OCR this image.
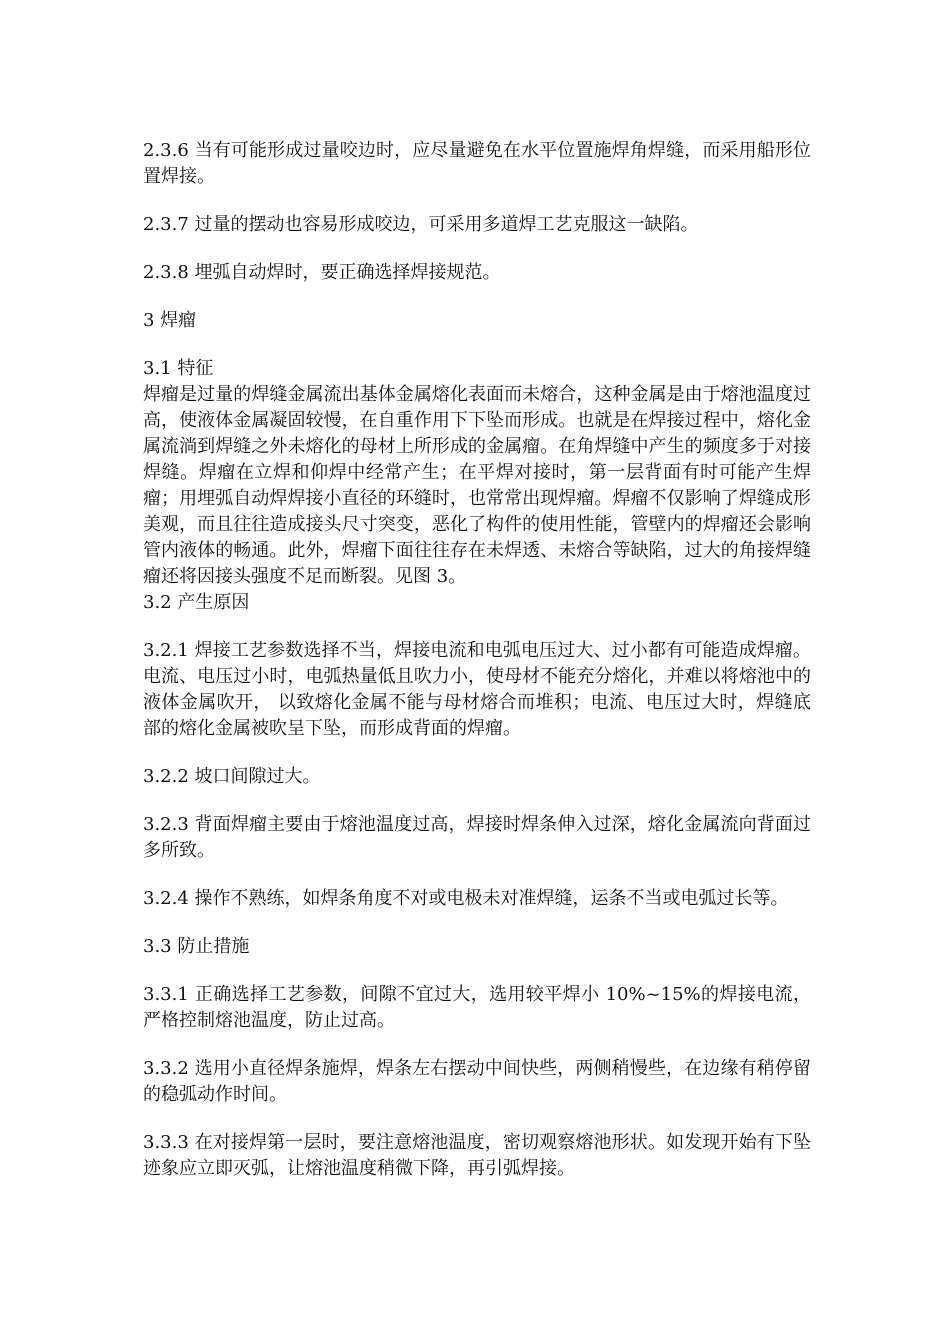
2.3.6 当有可能形成过量咬边时，应尽量避免在水平位置施焊角焊缝，而采用船形位置焊接。

2.3.7 过量的摆动也容易形成咬边，可采用多道焊工艺克服这一缺陷。

2.3.8 埋弧自动焊时，要正确选择焊接规范。

3 焊瘤

3.1 特征

焊瘤是过量的焊缝金属流出基体金属熔化表面而未熔合，这种金属是由于熔池温度过高，使液体金属凝固较慢，在自重作用下下坠而形成。也就是在焊接过程中，熔化金属流淌到焊缝之外未熔化的母材上所形成的金属瘤。在角焊缝中产生的频度多于对接焊缝。焊瘤在立焊和仰焊中经常产生；在平焊对接时，第一层背面有时可能产生焊瘤；用埋弧自动焊焊接小直径的环缝时，也常常出现焊瘤。焊瘤不仅影响了焊缝成形美观，而且往往造成接头尺寸突变，恶化了构件的使用性能，管壁内的焊瘤还会影响管内液体的畅通。此外，焊瘤下面往往存在未焊透、未熔合等缺陷，过大的角接焊缝瘤还将因接头强度不足而断裂。见图 3。

3.2 产生原因

3.2.1 焊接工艺参数选择不当，焊接电流和电弧电压过大、过小都有可能造成焊瘤。电流、电压过小时，电弧热量低且吹力小，使母材不能充分熔化，并难以将熔池中的液体金属吹开， 以致熔化金属不能与母材熔合而堆积；电流、电压过大时，焊缝底部的熔化金属被吹呈下坠，而形成背面的焊瘤。

3.2.2 坡口间隙过大。

3.2.3 背面焊瘤主要由于熔池温度过高，焊接时焊条伸入过深，熔化金属流向背面过多所致。

3.2.4 操作不熟练，如焊条角度不对或电极未对准焊缝，运条不当或电弧过长等。

3.3 防止措施

3.3.1 正确选择工艺参数，间隙不宜过大，选用较平焊小 10%~15%的焊接电流，严格控制熔池温度，防止过高。

3.3.2 选用小直径焊条施焊，焊条左右摆动中间快些，两侧稍慢些，在边缘有稍停留的稳弧动作时间。

3.3.3 在对接焊第一层时，要注意熔池温度，密切观察熔池形状。如发现开始有下坠迹象应立即灭弧，让熔池温度稍微下降，再引弧焊接。
